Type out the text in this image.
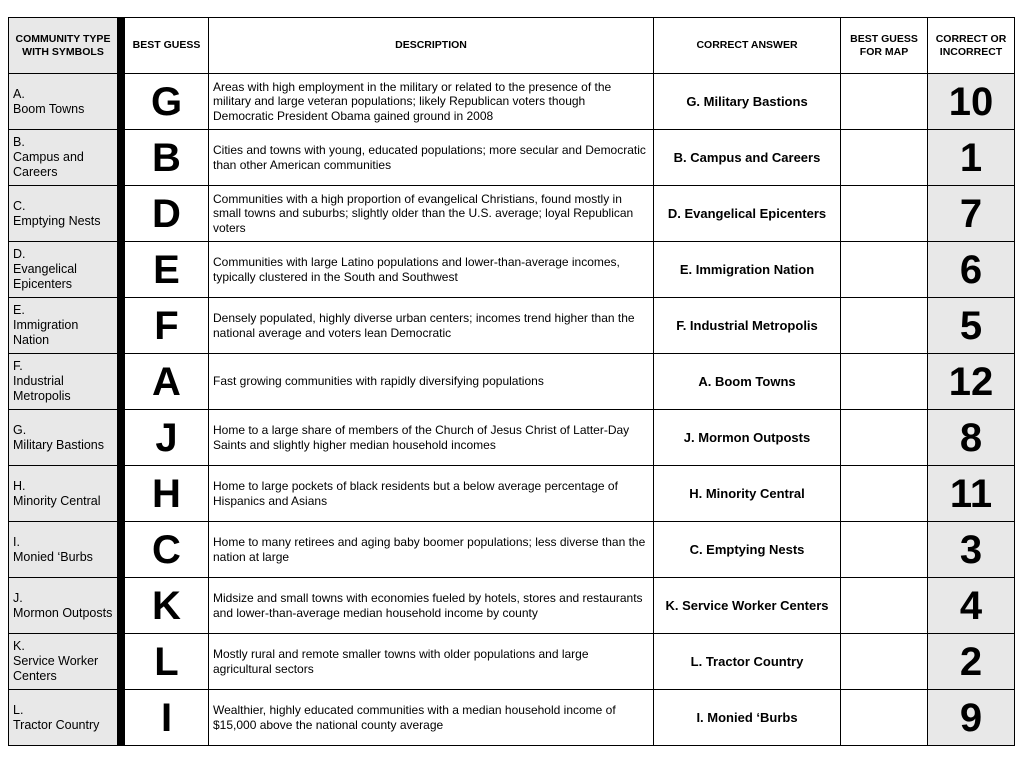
COMMUNITY TYPE WITH SYMBOLS		BEST GUESS	DESCRIPTION	CORRECT ANSWER	BEST GUESS FOR MAP	CORRECT OR INCORRECT

A.
Boom Towns		G	Areas with high employment in the military or related to the presence of the military and large veteran populations; likely Republican voters though Democratic President Obama gained ground in 2008	G. Military Bastions		10

B.
Campus and Careers		B	Cities and towns with young, educated populations; more secular and Democratic than other American communities	B. Campus and Careers		1

C.
Emptying Nests		D	Communities with a high proportion of evangelical Christians, found mostly in small towns and suburbs; slightly older than the U.S. average; loyal Republican voters	D. Evangelical Epicenters		7

D.
Evangelical Epicenters		E	Communities with large Latino populations and lower-than-average incomes, typically clustered in the South and Southwest	E. Immigration Nation		6

E.
Immigration Nation		F	Densely populated, highly diverse urban centers; incomes trend higher than the national average and voters lean Democratic	F. Industrial Metropolis		5

F.
Industrial Metropolis		A	Fast growing communities with rapidly diversifying populations	A. Boom Towns		12

G.
Military Bastions		J	Home to a large share of members of the Church of Jesus Christ of Latter-Day Saints and slightly higher median household incomes	J. Mormon Outposts		8

H.
Minority Central		H	Home to large pockets of black residents but a below average percentage of Hispanics and Asians	H. Minority Central		11

I.
Monied ‘Burbs		C	Home to many retirees and aging baby boomer populations; less diverse than the nation at large	C. Emptying Nests		3

J.
Mormon Outposts		K	Midsize and small towns with economies fueled by hotels, stores and restaurants and lower-than-average median household income by county	K. Service Worker Centers		4

K.
Service Worker Centers		L	Mostly rural and remote smaller towns with older populations and large agricultural sectors	L. Tractor Country		2

L.
Tractor Country		I	Wealthier, highly educated communities with a median household income of $15,000 above the national county average	I. Monied ‘Burbs		9
